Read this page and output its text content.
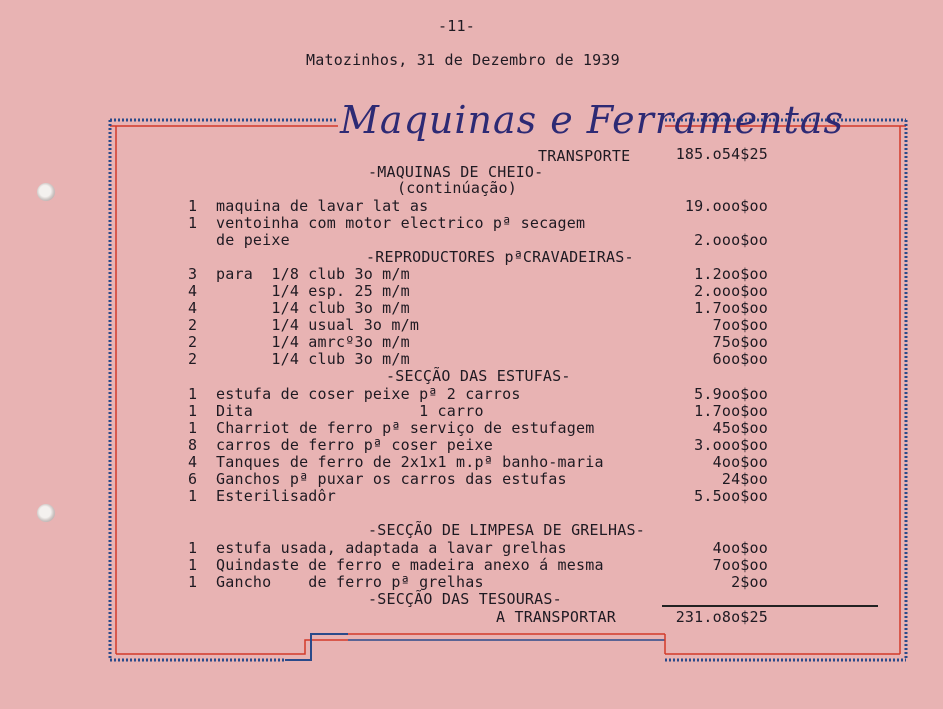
-11-
Matozinhos, 31 de Dezembro de 1939
Maquinas e Ferramentas
TRANSPORTE	185.o54$25
-MAQUINAS DE CHEIO-
(continúação)
1 maquina de lavar lat as	19.ooo$oo
1 ventoinha com motor electrico pª secagem
de peixe	2.ooo$oo
-REPRODUCTORES pªCRAVADEIRAS-
3 para  1/8 club 3o m/m	1.2oo$oo
4 1/4 esp. 25 m/m	2.ooo$oo
4 1/4 club 3o m/m	1.7oo$oo
2 1/4 usual 3o m/m	7oo$oo
2 1/4 amrcº3o m/m	75o$oo
2 1/4 club 3o m/m	6oo$oo
-SECÇÃO DAS ESTUFAS-
1 estufa de coser peixe pª 2 carros	5.9oo$oo
1 Dita                  1 carro	1.7oo$oo
1 Charriot de ferro pª serviço de estufagem	45o$oo
8 carros de ferro pª coser peixe	3.ooo$oo
4 Tanques de ferro de 2x1x1 m.pª banho-maria	4oo$oo
6 Ganchos pª puxar os carros das estufas	24$oo
1 Esterilisadôr	5.5oo$oo
-SECÇÃO DE LIMPESA DE GRELHAS-
1 estufa usada, adaptada a lavar grelhas	4oo$oo
1 Quindaste de ferro e madeira anexo á mesma	7oo$oo
1 Gancho    de ferro pª grelhas	2$oo
-SECÇÃO DAS TESOURAS-
A TRANSPORTAR	231.o8o$25
